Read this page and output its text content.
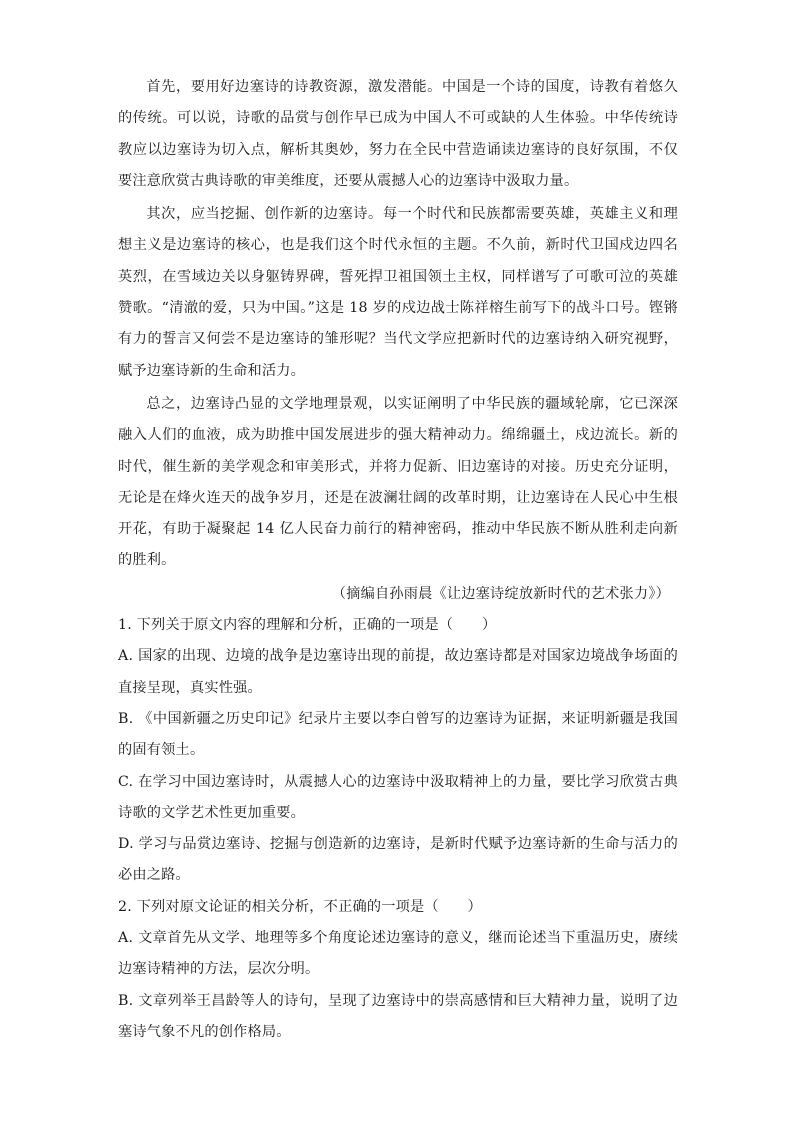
首先，要用好边塞诗的诗教资源，激发潜能。中国是一个诗的国度，诗教有着悠久的传统。可以说，诗歌的品赏与创作早已成为中国人不可或缺的人生体验。中华传统诗教应以边塞诗为切入点，解析其奥妙，努力在全民中营造诵读边塞诗的良好氛围，不仅要注意欣赏古典诗歌的审美维度，还要从震撼人心的边塞诗中汲取力量。

其次，应当挖掘、创作新的边塞诗。每一个时代和民族都需要英雄，英雄主义和理想主义是边塞诗的核心，也是我们这个时代永恒的主题。不久前，新时代卫国戍边四名英烈，在雪域边关以身躯铸界碑，誓死捍卫祖国领土主权，同样谱写了可歌可泣的英雄赞歌。“清澈的爱，只为中国。”这是 18 岁的戍边战士陈祥榕生前写下的战斗口号。铿锵有力的誓言又何尝不是边塞诗的雏形呢？当代文学应把新时代的边塞诗纳入研究视野，赋予边塞诗新的生命和活力。

总之，边塞诗凸显的文学地理景观，以实证阐明了中华民族的疆域轮廓，它已深深融入人们的血液，成为助推中国发展进步的强大精神动力。绵绵疆土，戍边流长。新的时代，催生新的美学观念和审美形式，并将力促新、旧边塞诗的对接。历史充分证明，无论是在烽火连天的战争岁月，还是在波澜壮阔的改革时期，让边塞诗在人民心中生根开花，有助于凝聚起 14 亿人民奋力前行的精神密码，推动中华民族不断从胜利走向新的胜利。

（摘编自孙雨晨《让边塞诗绽放新时代的艺术张力》）

1. 下列关于原文内容的理解和分析，正确的一项是（　　）

A. 国家的出现、边境的战争是边塞诗出现的前提，故边塞诗都是对国家边境战争场面的直接呈现，真实性强。

B. 《中国新疆之历史印记》纪录片主要以李白曾写的边塞诗为证据，来证明新疆是我国的固有领土。

C. 在学习中国边塞诗时，从震撼人心的边塞诗中汲取精神上的力量，要比学习欣赏古典诗歌的文学艺术性更加重要。

D. 学习与品赏边塞诗、挖掘与创造新的边塞诗，是新时代赋予边塞诗新的生命与活力的必由之路。

2. 下列对原文论证的相关分析，不正确的一项是（　　）

A. 文章首先从文学、地理等多个角度论述边塞诗的意义，继而论述当下重温历史，赓续边塞诗精神的方法，层次分明。

B. 文章列举王昌龄等人的诗句，呈现了边塞诗中的崇高感情和巨大精神力量，说明了边塞诗气象不凡的创作格局。
